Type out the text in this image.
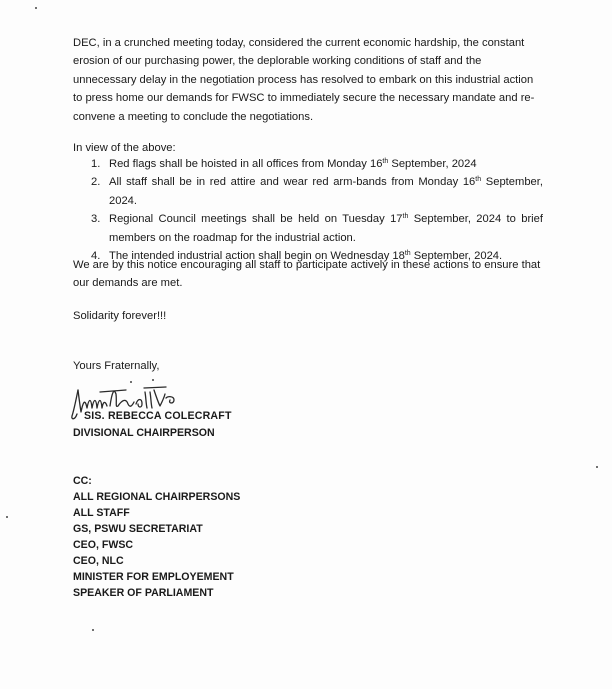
DEC, in a crunched meeting today, considered the current economic hardship, the constant erosion of our purchasing power, the deplorable working conditions of staff and the unnecessary delay in the negotiation process has resolved to embark on this industrial action to press home our demands for FWSC to immediately secure the necessary mandate and re-convene a meeting to conclude the negotiations.

In view of the above:

1. Red flags shall be hoisted in all offices from Monday 16th September, 2024
2. All staff shall be in red attire and wear red arm-bands from Monday 16th September, 2024.
3. Regional Council meetings shall be held on Tuesday 17th September, 2024 to brief members on the roadmap for the industrial action.
4. The intended industrial action shall begin on Wednesday 18th September, 2024.

We are by this notice encouraging all staff to participate actively in these actions to ensure that our demands are met.

Solidarity forever!!!

Yours Fraternally,

SIS. REBECCA COLECRAFT
DIVISIONAL CHAIRPERSON
CC:
ALL REGIONAL CHAIRPERSONS
ALL STAFF
GS, PSWU SECRETARIAT
CEO, FWSC
CEO, NLC
MINISTER FOR EMPLOYEMENT
SPEAKER OF PARLIAMENT
